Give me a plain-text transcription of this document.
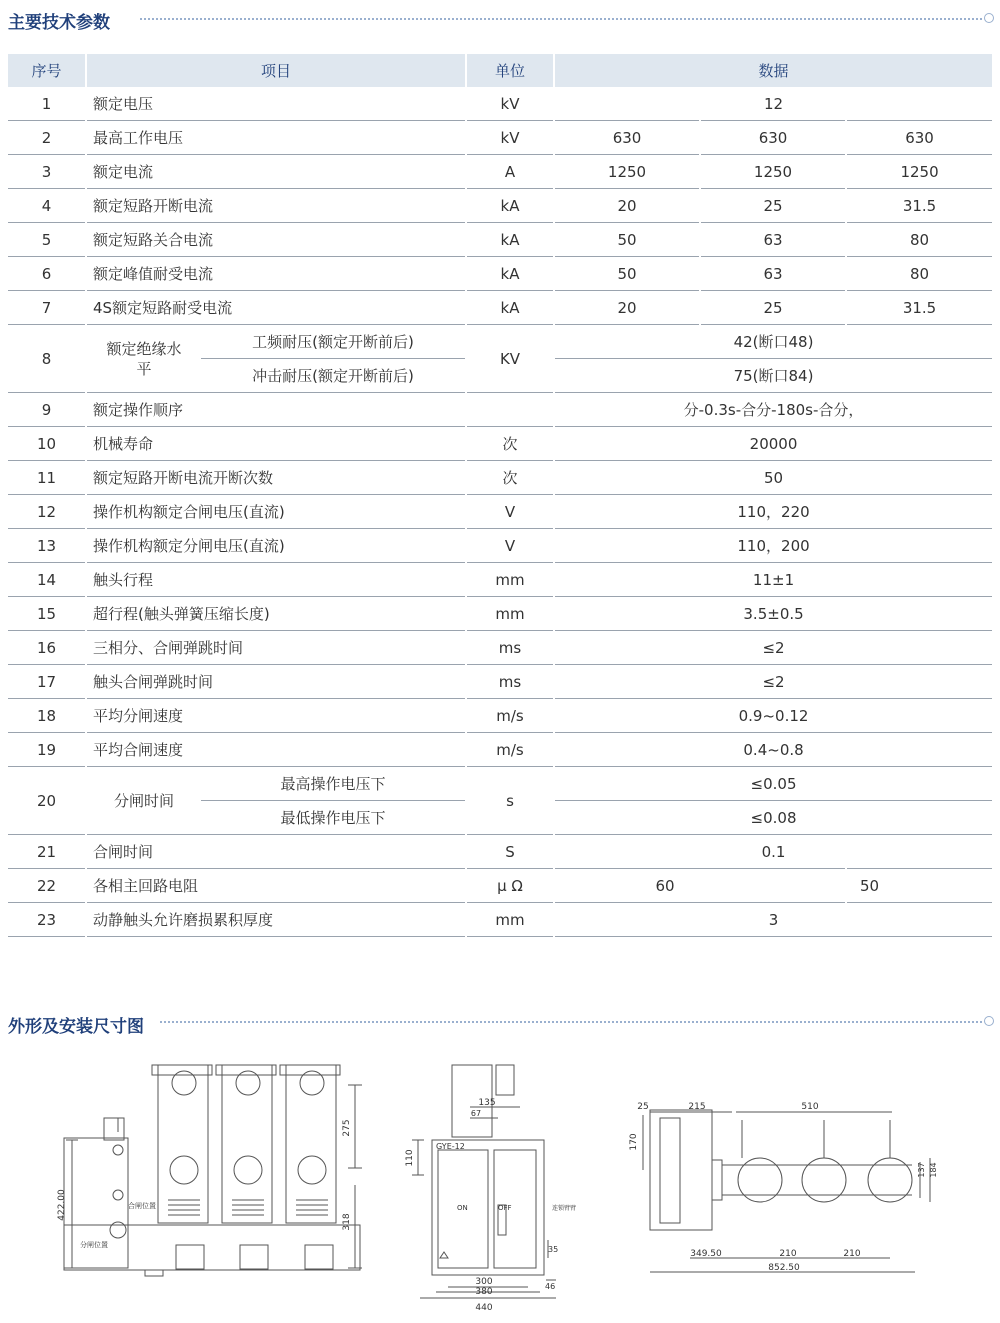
主要技术参数
序号	项目		单位	数据		
1	额定电压		kV	12		
2	最高工作电压		kV	630	630	630
3	额定电流		A	1250	1250	1250
4	额定短路开断电流		kA	20	25	31.5
5	额定短路关合电流		kA	50	63	80
6	额定峰值耐受电流		kA	50	63	80
7	4S额定短路耐受电流		kA	20	25	31.5
8	额定绝缘水平	工频耐压(额定开断前后)	KV	42(断口48)		
		冲击耐压(额定开断前后)		75(断口84)		
9	额定操作顺序			分-0.3s-合分-180s-合分，		
10	机械寿命		次	20000		
11	额定短路开断电流开断次数		次	50		
12	操作机构额定合闸电压(直流)		V	110，220		
13	操作机构额定分闸电压(直流)		V	110，200		
14	触头行程		mm	11±1		
15	超行程(触头弹簧压缩长度)		mm	3.5±0.5		
16	三相分、合闸弹跳时间		ms	≤2		
17	触头合闸弹跳时间		ms	≤2		
18	平均分闸速度		m/s	0.9~0.12		
19	平均合闸速度		m/s	0.4~0.8		
20	分闸时间	最高操作电压下	s	≤0.05		
		最低操作电压下		≤0.08		
21	合闸时间		S	0.1		
22	各相主回路电阻		μ Ω	60		50
23	动静触头允许磨损累积厚度		mm	3		
外形及安装尺寸图
275
318
422.00	合闸位置
分闸位置
135
67
110
GYE-12
ON	OFF
35
连锁臂臂
300
380
440
46
25	215	510
170
137 184
349.50	210	210
852.50
